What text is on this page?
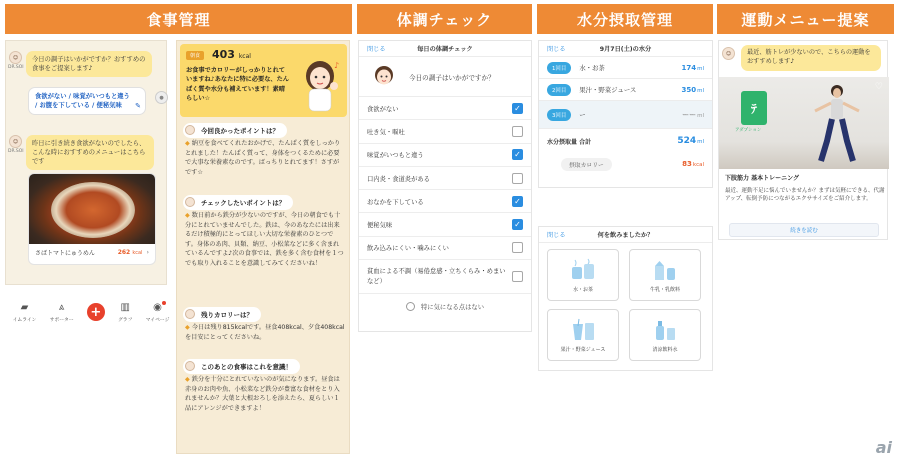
食事管理	体調チェック	水分摂取管理	運動メニュー提案
☺
DR.SOI
今日の調子はいかがですか？おすすめの食事をご提案します♪
食欲がない / 味覚がいつもと違う / お腹を下している / 便秘気味 ✎
●
☺
DR.SOI
昨日に引き続き食欲がないのでしたら、こんな時におすすめのメニューはこちらです
さばトマトにゅうめん	262 kcal ›
▰
イムライン
⩓
サポーター
+	▥
グラフ
◉
マイページ
朝食	403 kcal
お食事でカロリーがしっかりとれていますね♪あなたに特に必要な、たんぱく質や水分も補えています！素晴らしい☆
♪
今回良かったポイントは？
◆ 納豆を食べてくれたおかげで、たんぱく質をしっかりとれました！たんぱく質って、身体をつくるために必要で大事な栄養素なのです。ばっちりとれてます！さすがです☆
チェックしたいポイントは？
◆ 数日前から鉄分が少ないのですが、今日の朝食でも十分にとれていませんでした。鉄は、今のあなたには出来るだけ積極的にとってほしい大切な栄養素のひとつです。身体のあ肉、貝類、納豆、小松菜などに多く含まれているんですよ♪次の食事では、鉄を多く含む食材を１つでも取り入れることを意識してみてくださいね！
残りカロリーは？
◆ 今日は残り815kcalです。昼食408kcal、夕食408kcalを目安にとってくださいね。
このあとの食事はこれを意識！
◆ 鉄分を十分にとれていないのが気になります。昼食は赤身のお肉や魚、小松菜など鉄分が豊富な食材をとり入れませんか？大葉と大根おろしを添えたら、夏らしい１品にアレンジができますよ！
閉じる	毎日の体調チェック
今日の調子はいかがですか？
食欲がない	✓
吐き気・嘔吐
味覚がいつもと違う	✓
口内炎・食道炎がある
おなかを下している	✓
便秘気味	✓
飲み込みにくい・噛みにくい
貧血による不調（易倦怠感・立ちくらみ・めまいなど）
特に気になる点はない
閉じる	9月7日(土)の水分
1回目	水・お茶	174ml
2回目	果汁・野菜ジュース	350ml
3回目	ー	ーーml
水分摂取量 合計	524ml
摂取カロリー	83kcal
閉じる	何を飲みましたか？
水・お茶	牛乳・乳飲料
果汁・野菜ジュース	清涼飲料水
☺	最近、筋トレが少ないので、こちらの運動をおすすめします♪
ﾃ
アダプション
♡
下肢筋力 基本トレーニング
最近、運動不足に悩んでいませんか？まずは気軽にできる、代謝アップ、転倒予防につながるエクササイズをご紹介します。
続きを読む
ai
